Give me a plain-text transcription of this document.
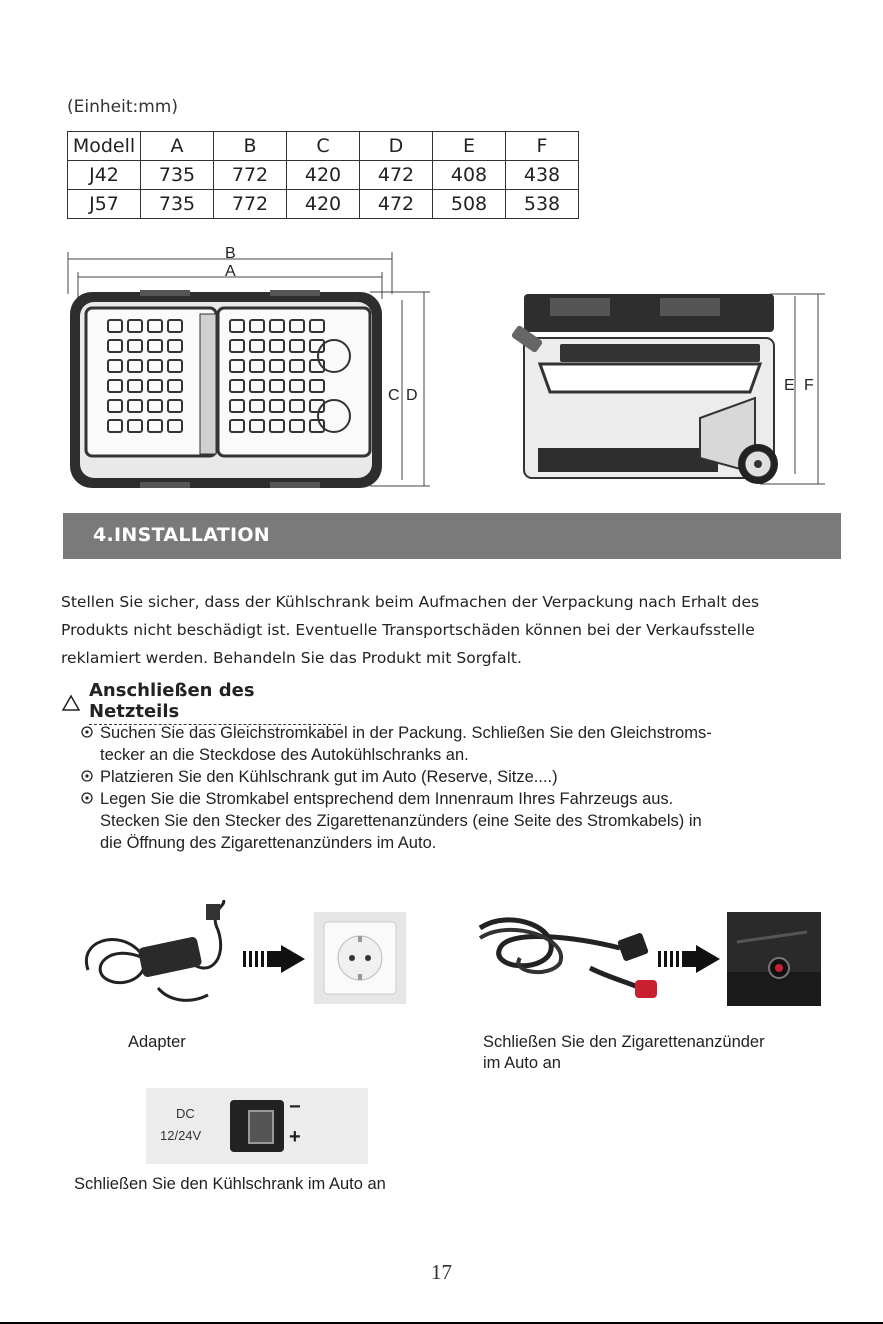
(Einheit:mm)
Modell	A	B	C	D	E	F
J42	735	772	420	472	408	438
J57	735	772	420	472	508	538
B
A
C D
E F
4.INSTALLATION
Stellen Sie sicher, dass der Kühlschrank beim Aufmachen der Verpackung nach Erhalt des
Produkts nicht beschädigt ist. Eventuelle Transportschäden können bei der Verkaufsstelle
reklamiert werden. Behandeln Sie das Produkt mit Sorgfalt.
Anschließen des Netzteils
Suchen Sie das Gleichstromkabel in der Packung. Schließen Sie den Gleichstroms-
tecker an die Steckdose des Autokühlschranks an.
Platzieren Sie den Kühlschrank gut im Auto (Reserve, Sitze....)
Legen Sie die Stromkabel entsprechend dem Innenraum Ihres Fahrzeugs aus.
Stecken Sie den Stecker des Zigarettenanzünders (eine Seite des Stromkabels) in
die Öffnung des Zigarettenanzünders im Auto.
Adapter	Schließen Sie den Zigarettenanzünder
im Auto an
DC
12/24V
−
+
Schließen Sie den Kühlschrank im Auto an
17
